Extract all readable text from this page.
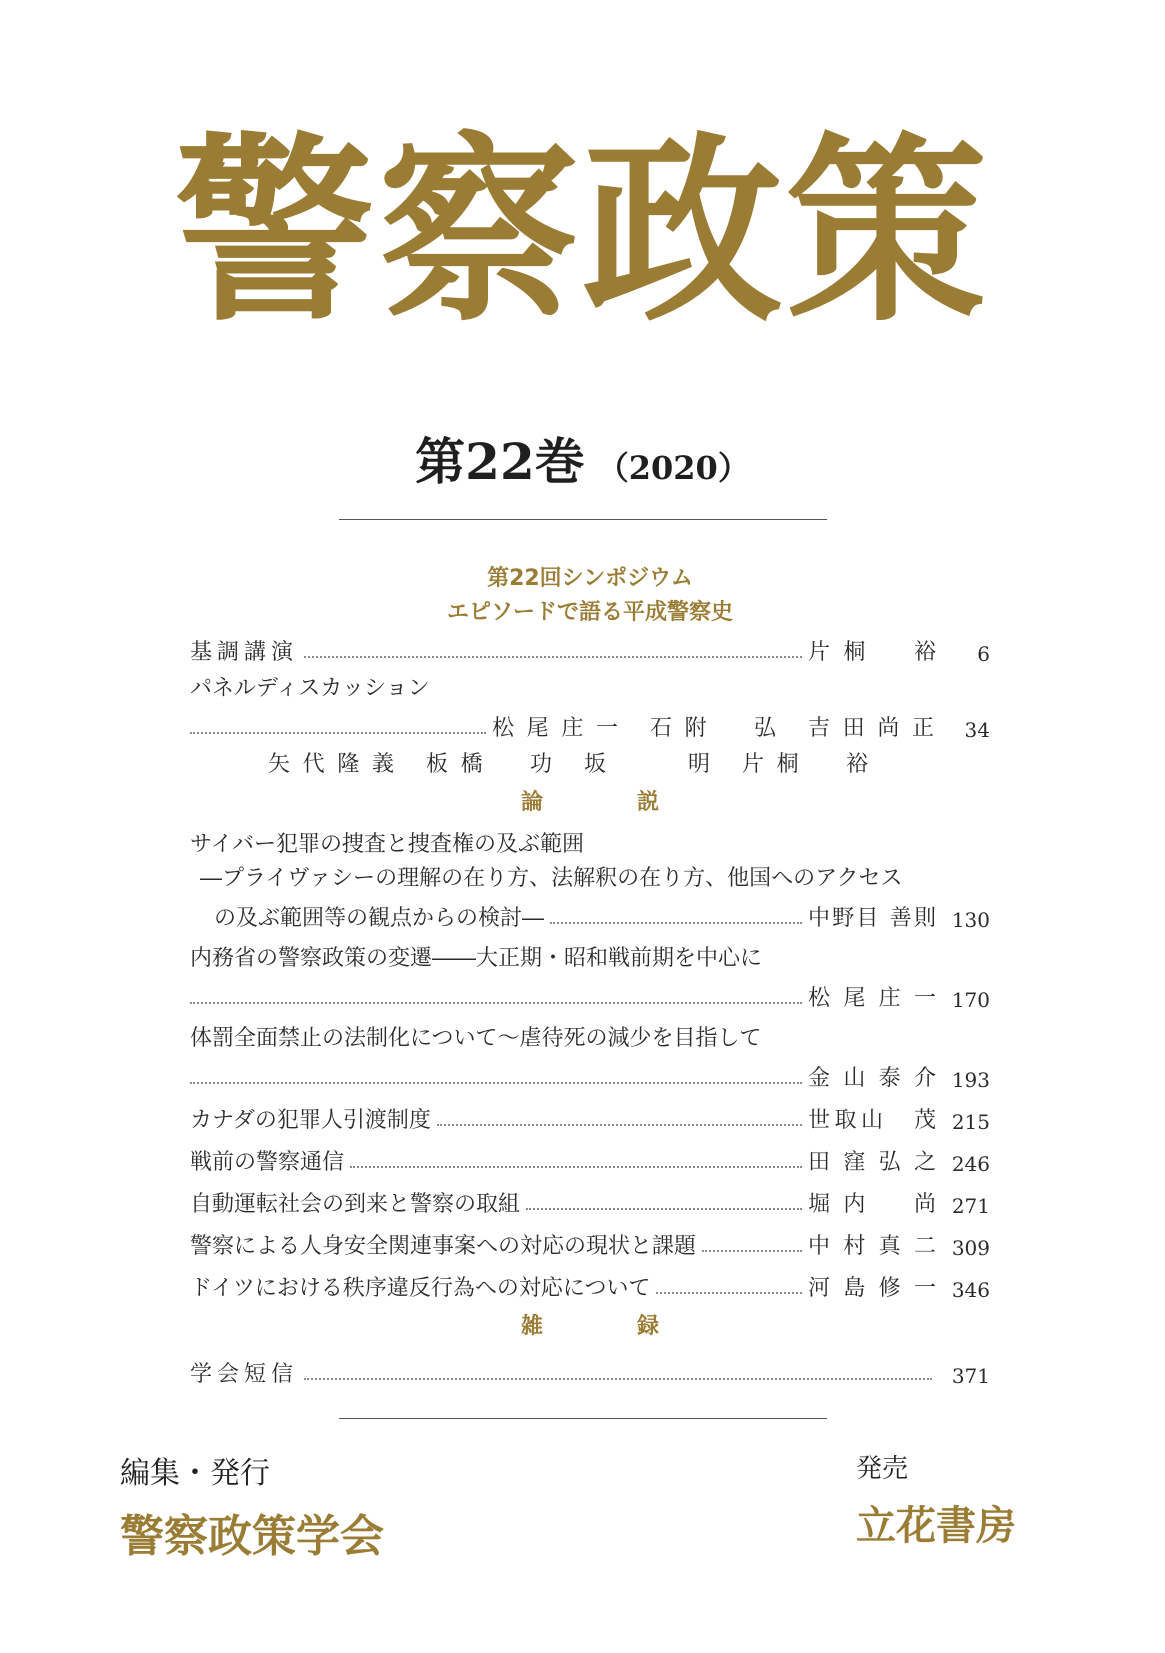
警察政策
第22巻 （2020）
第22回シンポジウム
エピソードで語る平成警察史
基調講演	片桐　裕	6
パネルディスカッション
松尾庄一 石附　弘 吉田尚正	34
矢代隆義 板橋　功 坂　　明 片桐　裕
論　説
サイバー犯罪の捜査と捜査権の及ぶ範囲
―プライヴァシーの理解の在り方、法解釈の在り方、他国へのアクセス
の及ぶ範囲等の観点からの検討―	中野目 善則 130
内務省の警察政策の変遷――大正期・昭和戦前期を中心に
松尾庄一 170
体罰全面禁止の法制化について～虐待死の減少を目指して
金山泰介 193
カナダの犯罪人引渡制度	世取山　茂 215
戦前の警察通信	田窪弘之 246
自動運転社会の到来と警察の取組	堀内　尚 271
警察による人身安全関連事案への対応の現状と課題	中村真二 309
ドイツにおける秩序違反行為への対応について	河島修一 346
雑　録
学会短信	371
編集・発行
警察政策学会
発売
立花書房
